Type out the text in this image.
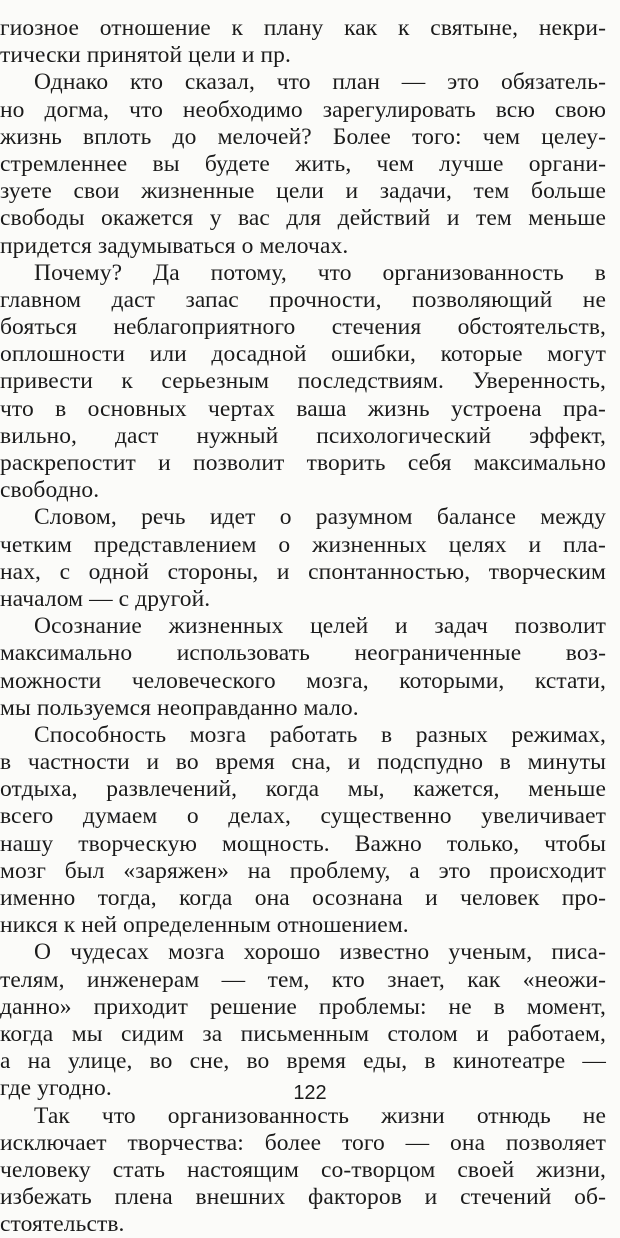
гиозное отношение к плану как к святыне, некри-
тически принятой цели и пр.
Однако кто сказал, что план — это обязатель-
но догма, что необходимо зарегулировать всю свою
жизнь вплоть до мелочей? Более того: чем целеу-
стремленнее вы будете жить, чем лучше органи-
зуете свои жизненные цели и задачи, тем больше
свободы окажется у вас для действий и тем меньше
придется задумываться о мелочах.
Почему? Да потому, что организованность в
главном даст запас прочности, позволяющий не
бояться неблагоприятного стечения обстоятельств,
оплошности или досадной ошибки, которые могут
привести к серьезным последствиям. Уверенность,
что в основных чертах ваша жизнь устроена пра-
вильно, даст нужный психологический эффект,
раскрепостит и позволит творить себя максимально
свободно.
Словом, речь идет о разумном балансе между
четким представлением о жизненных целях и пла-
нах, с одной стороны, и спонтанностью, творческим
началом — с другой.
Осознание жизненных целей и задач позволит
максимально использовать неограниченные воз-
можности человеческого мозга, которыми, кстати,
мы пользуемся неоправданно мало.
Способность мозга работать в разных режимах,
в частности и во время сна, и подспудно в минуты
отдыха, развлечений, когда мы, кажется, меньше
всего думаем о делах, существенно увеличивает
нашу творческую мощность. Важно только, чтобы
мозг был «заряжен» на проблему, а это происходит
именно тогда, когда она осознана и человек про-
никся к ней определенным отношением.
О чудесах мозга хорошо известно ученым, писа-
телям, инженерам — тем, кто знает, как «неожи-
данно» приходит решение проблемы: не в момент,
когда мы сидим за письменным столом и работаем,
а на улице, во сне, во время еды, в кинотеатре —
где угодно.
Так что организованность жизни отнюдь не
исключает творчества: более того — она позволяет
человеку стать настоящим со-творцом своей жизни,
избежать плена внешних факторов и стечений об-
стоятельств.
122
